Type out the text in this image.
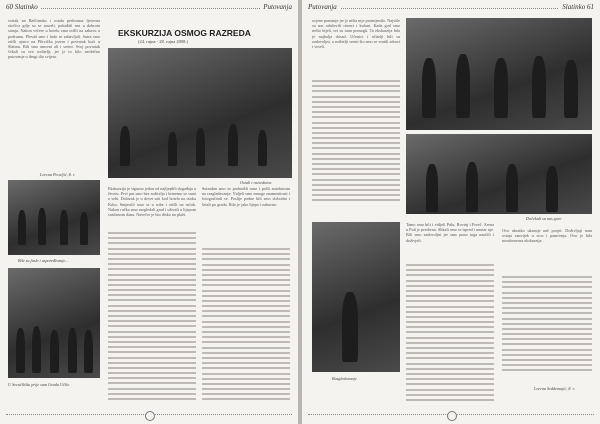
60 Slatinko	Putovanja
vratak na Baščansku i ostala prekrasna ljetovna otočica gdje su se susreli, pohađali nas u dobrom stanju. Nakon večere u hotelu smo otišli na zabavu u podrumu. Plesali smo i ludo se zabavljali. Sutra smo otišli ujutro na Plitvička jezera i povratak kući u Slatinu. Bili smo umorni ali i sretni. Svoj povratak čekali su sve roditelji, jer je to bilo neobično putovanje u drugi dio svijeta.
Lorena Pecaljić, 8. r.
EKSKURZIJA OSMOG RAZREDA
(24. rujna - 28. rujna 2008.)
Ostali i razrednica
Bile su fasle i uspoređivanje...
U Sveučilištu prije sam Gradu Učilo
Ekskurzija je sigurno jedan od najljepših događaja u životu. Prvi put smo bez roditelja i brinemo se sami o sebi. Dolazak je u devet sati kod hotela na otoku Krku. Smjestili smo se u sobe i otišli na ručak. Nakon ručka smo razgledali grad i uživali u lijepom sunčanom danu. Navečer je bio disko na plaži.
Sutradan smo se probudili rano i pošli autobusom na razgledavanje. Vidjeli smo mnoge znamenitosti i fotografirali se. Poslije podne bili smo slobodni i šetali po gradu. Bilo je jako lijepo i zabavno.
Putovanja	Slatinko 61
ocjene pomanje jer je ništa nije promijenilo. Najviše su nas oduševili cimeri i kuhari. Kada god smo nešto htjeli, svi su nam pomogli. Ta ekskurzija bila je najbolja dosad. Učenici i učitelji bili su zadovoljni, a roditelji sretni što smo se vratili zdravi i veseli.
Dočekali su nas gore
Razgledavanje
Tamo smo bili i vidjeli Pulu, Rovinj i Poreč. Arena u Puli je predivna. Slikali smo se ispred i unutar nje. Bili smo zadovoljni jer smo puno toga naučili i doživjeli.
Ovo ukratko ukazuje naš posjet. Doživljaji nam ostaju zauvijek u srcu i pamćenju. Ovo je bila nezaboravna ekskurzija.
Lorena Seddemajić, 8. r.
